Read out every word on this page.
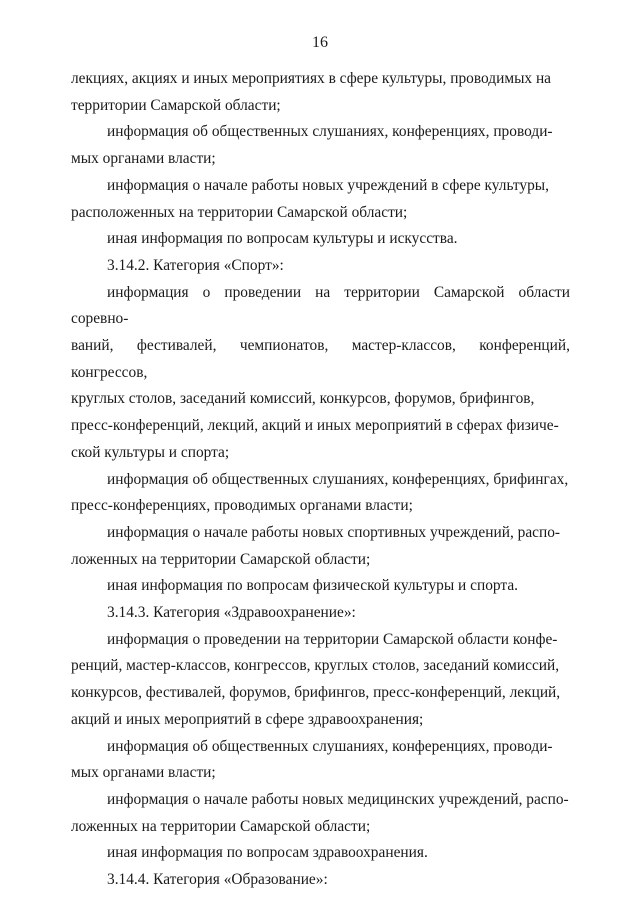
16

лекциях, акциях и иных мероприятиях в сфере культуры, проводимых на
территории Самарской области;

информация об общественных слушаниях, конференциях, проводи-
мых органами власти;

информация о начале работы новых учреждений в сфере культуры,
расположенных на территории Самарской области;

иная информация по вопросам культуры и искусства.

3.14.2. Категория «Спорт»:

информация о проведении на территории Самарской области соревно-
ваний, фестивалей, чемпионатов, мастер-классов, конференций, конгрессов,
круглых столов, заседаний комиссий, конкурсов, форумов, брифингов,
пресс-конференций, лекций, акций и иных мероприятий в сферах физиче-
ской культуры и спорта;

информация об общественных слушаниях, конференциях, брифингах,
пресс-конференциях, проводимых органами власти;

информация о начале работы новых спортивных учреждений, распо-
ложенных на территории Самарской области;

иная информация по вопросам физической культуры и спорта.

3.14.3. Категория «Здравоохранение»:

информация о проведении на территории Самарской области конфе-
ренций, мастер-классов, конгрессов, круглых столов, заседаний комиссий,
конкурсов, фестивалей, форумов, брифингов, пресс-конференций, лекций,
акций и иных мероприятий в сфере здравоохранения;

информация об общественных слушаниях, конференциях, проводи-
мых органами власти;

информация о начале работы новых медицинских учреждений, распо-
ложенных на территории Самарской области;

иная информация по вопросам здравоохранения.

3.14.4. Категория «Образование»:
